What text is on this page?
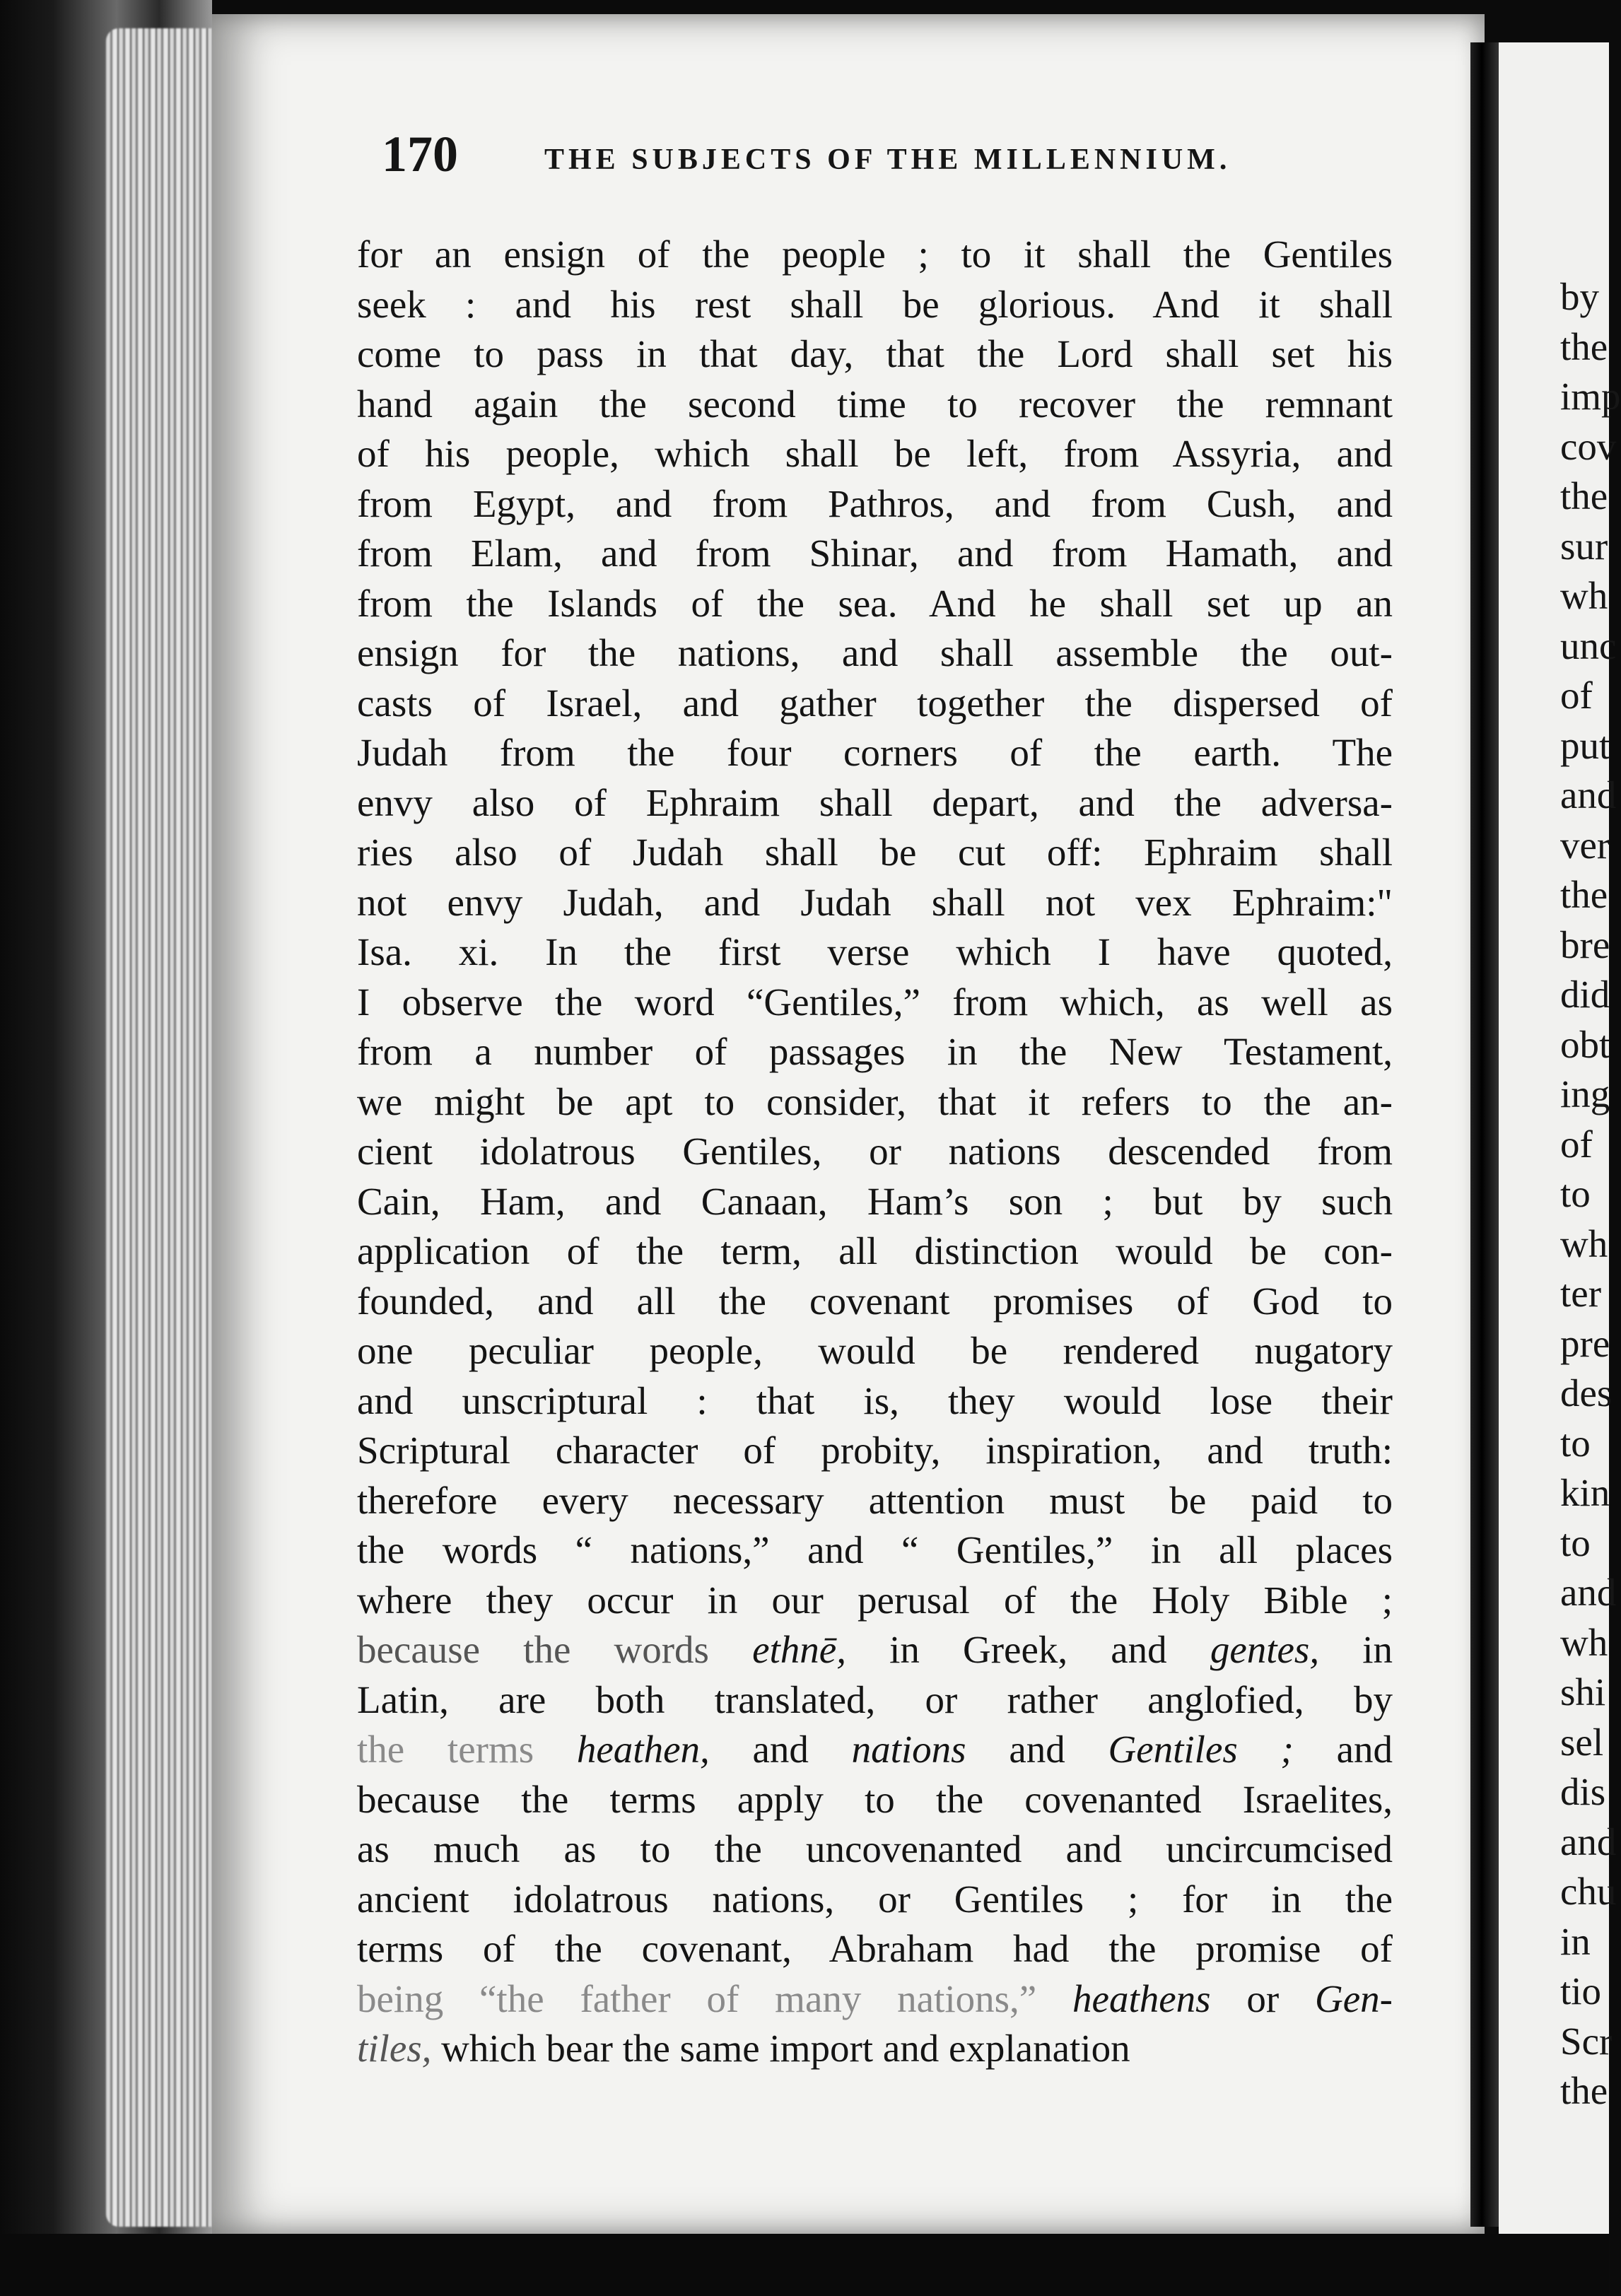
170	THE SUBJECTS OF THE MILLENNIUM.
for an ensign of the people ; to it shall the Gentiles
seek : and his rest shall be glorious. And it shall
come to pass in that day, that the Lord shall set his
hand again the second time to recover the remnant
of his people, which shall be left, from Assyria, and
from Egypt, and from Pathros, and from Cush, and
from Elam, and from Shinar, and from Hamath, and
from the Islands of the sea. And he shall set up an
ensign for the nations, and shall assemble the out-
casts of Israel, and gather together the dispersed of
Judah from the four corners of the earth. The
envy also of Ephraim shall depart, and the adversa-
ries also of Judah shall be cut off: Ephraim shall
not envy Judah, and Judah shall not vex Ephraim:"
Isa. xi. In the first verse which I have quoted,
I observe the word “Gentiles,” from which, as well as
from a number of passages in the New Testament,
we might be apt to consider, that it refers to the an-
cient idolatrous Gentiles, or nations descended from
Cain, Ham, and Canaan, Ham’s son ; but by such
application of the term, all distinction would be con-
founded, and all the covenant promises of God to
one peculiar people, would be rendered nugatory
and unscriptural : that is, they would lose their
Scriptural character of probity, inspiration, and truth:
therefore every necessary attention must be paid to
the words “ nations,” and “ Gentiles,” in all places
where they occur in our perusal of the Holy Bible ;
because the words ethnē, in Greek, and gentes, in
Latin, are both translated, or rather anglofied, by
the terms heathen, and nations and Gentiles ; and
because the terms apply to the covenanted Israelites,
as much as to the uncovenanted and uncircumcised
ancient idolatrous nations, or Gentiles ; for in the
terms of the covenant, Abraham had the promise of
being “the father of many nations,” heathens or Gen-
tiles, which bear the same import and explanation
by
the
imp
cov
the
sur
wh
unc
of
put
and
ver
the
bre
did
obt
ing
of
to
wh
ter
pre
des
to
kin
to
and
wh
shi
sel
dis
and
chu
in
tio
Scr
the
